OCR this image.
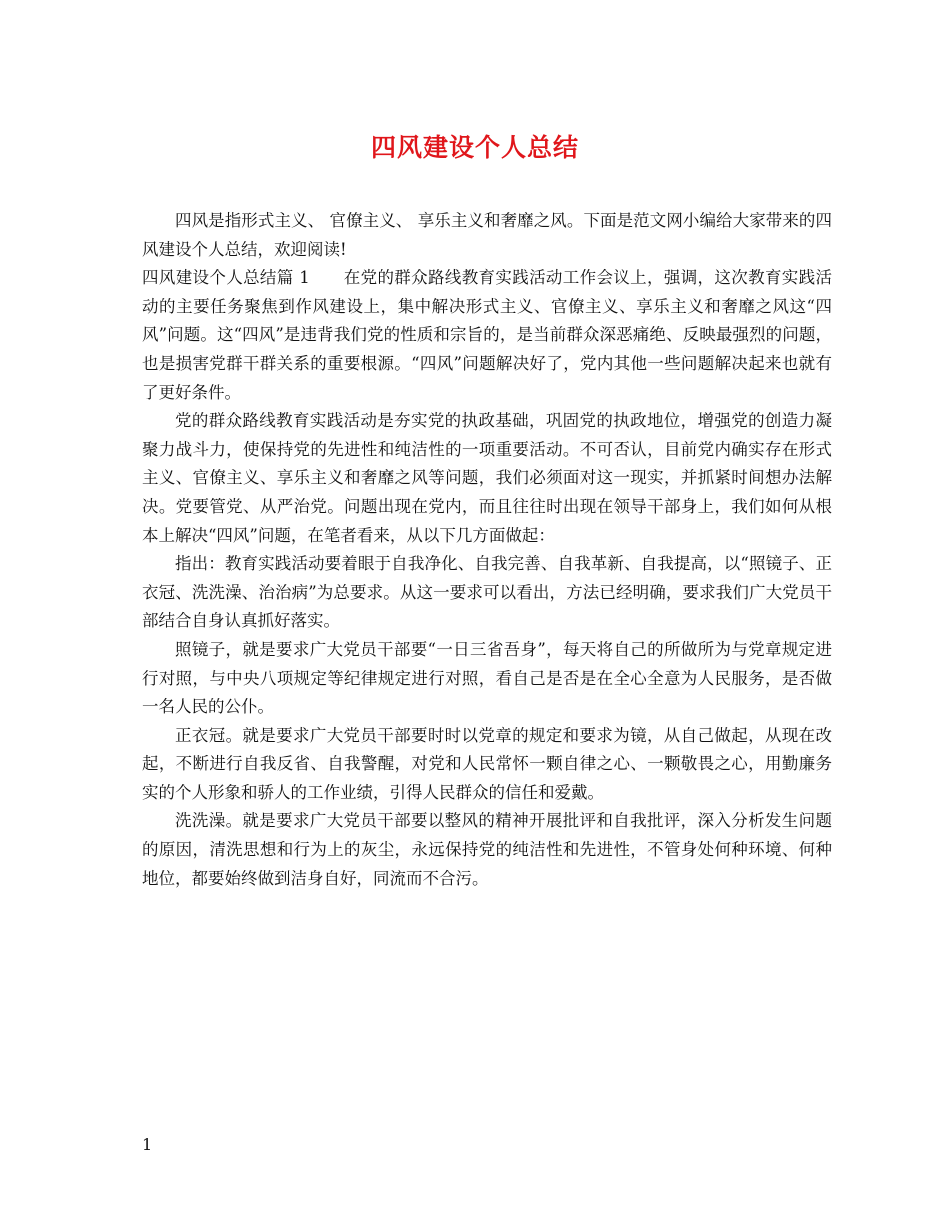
四风建设个人总结

四风是指形式主义、 官僚主义、 享乐主义和奢靡之风。下面是范文网小编给大家带来的四风建设个人总结，欢迎阅读!

四风建设个人总结篇 1　　在党的群众路线教育实践活动工作会议上，强调，这次教育实践活动的主要任务聚焦到作风建设上，集中解决形式主义、官僚主义、享乐主义和奢靡之风这“四风”问题。这“四风”是违背我们党的性质和宗旨的，是当前群众深恶痛绝、反映最强烈的问题，也是损害党群干群关系的重要根源。“四风”问题解决好了，党内其他一些问题解决起来也就有了更好条件。

党的群众路线教育实践活动是夯实党的执政基础，巩固党的执政地位，增强党的创造力凝聚力战斗力，使保持党的先进性和纯洁性的一项重要活动。不可否认，目前党内确实存在形式主义、官僚主义、享乐主义和奢靡之风等问题，我们必须面对这一现实，并抓紧时间想办法解决。党要管党、从严治党。问题出现在党内，而且往往时出现在领导干部身上，我们如何从根本上解决“四风”问题，在笔者看来，从以下几方面做起：

指出：教育实践活动要着眼于自我净化、自我完善、自我革新、自我提高，以“照镜子、正衣冠、洗洗澡、治治病”为总要求。从这一要求可以看出，方法已经明确，要求我们广大党员干部结合自身认真抓好落实。

照镜子，就是要求广大党员干部要“一日三省吾身”，每天将自己的所做所为与党章规定进行对照，与中央八项规定等纪律规定进行对照，看自己是否是在全心全意为人民服务，是否做一名人民的公仆。

正衣冠。就是要求广大党员干部要时时以党章的规定和要求为镜，从自己做起，从现在改起，不断进行自我反省、自我警醒，对党和人民常怀一颗自律之心、一颗敬畏之心，用勤廉务实的个人形象和骄人的工作业绩，引得人民群众的信任和爱戴。

洗洗澡。就是要求广大党员干部要以整风的精神开展批评和自我批评，深入分析发生问题的原因，清洗思想和行为上的灰尘，永远保持党的纯洁性和先进性，不管身处何种环境、何种地位，都要始终做到洁身自好，同流而不合污。

1
